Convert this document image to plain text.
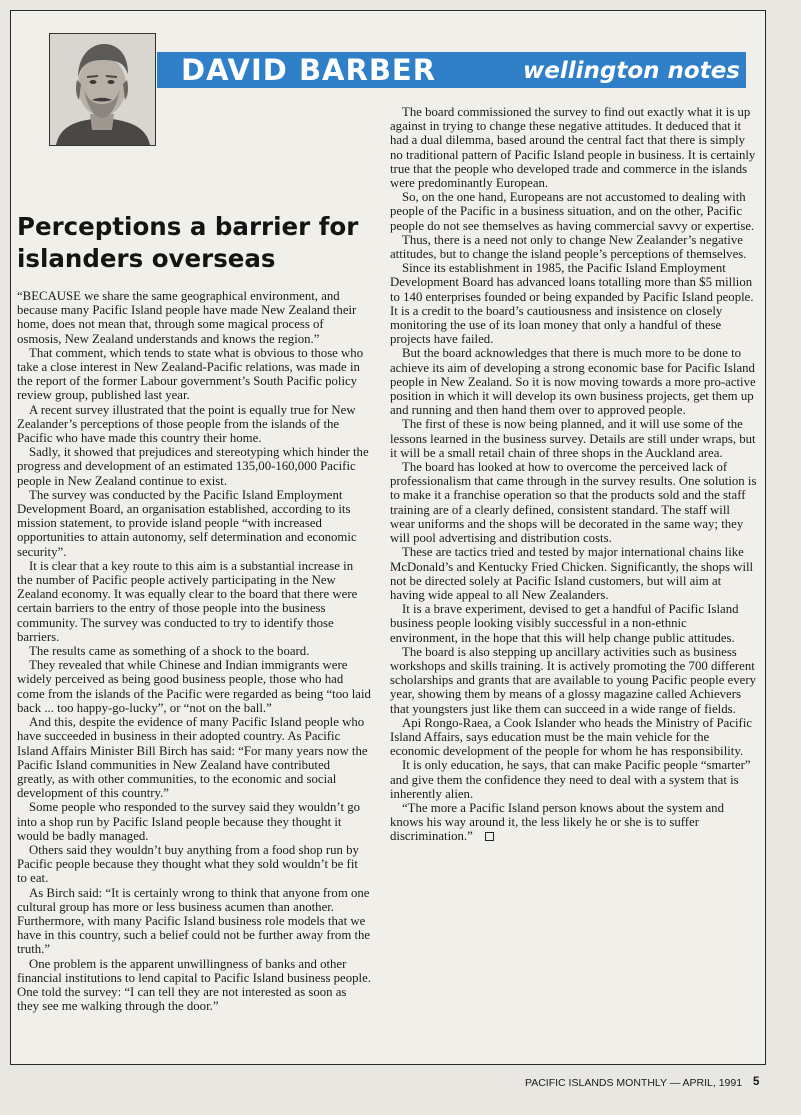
DAVID BARBER	wellington notes
Perceptions a barrier for islanders overseas

“BECAUSE we share the same geographical environment, and because many Pacific Island people have made New Zealand their home, does not mean that, through some magical process of osmosis, New Zealand understands and knows the region.”

That comment, which tends to state what is obvious to those who take a close interest in New Zealand-Pacific relations, was made in the report of the former Labour government’s South Pacific policy review group, published last year.

A recent survey illustrated that the point is equally true for New Zealander’s perceptions of those people from the islands of the Pacific who have made this country their home.

Sadly, it showed that prejudices and stereotyping which hinder the progress and development of an estimated 135,00-160,000 Pacific people in New Zealand continue to exist.

The survey was conducted by the Pacific Island Employment Development Board, an organisation established, according to its mission statement, to provide island people “with increased opportunities to attain autonomy, self determination and economic security”.

It is clear that a key route to this aim is a substantial increase in the number of Pacific people actively participating in the New Zealand economy. It was equally clear to the board that there were certain barriers to the entry of those people into the business community. The survey was conducted to try to identify those barriers.

The results came as something of a shock to the board.

They revealed that while Chinese and Indian immigrants were widely perceived as being good business people, those who had come from the islands of the Pacific were regarded as being “too laid back ... too happy-go-lucky”, or “not on the ball.”

And this, despite the evidence of many Pacific Island people who have succeeded in business in their adopted country. As Pacific Island Affairs Minister Bill Birch has said: “For many years now the Pacific Island communities in New Zealand have contributed greatly, as with other communities, to the economic and social development of this country.”

Some people who responded to the survey said they wouldn’t go into a shop run by Pacific Island people because they thought it would be badly managed.

Others said they wouldn’t buy anything from a food shop run by Pacific people because they thought what they sold wouldn’t be fit to eat.

As Birch said: “It is certainly wrong to think that anyone from one cultural group has more or less business acumen than another. Furthermore, with many Pacific Island business role models that we have in this country, such a belief could not be further away from the truth.”

One problem is the apparent unwillingness of banks and other financial institutions to lend capital to Pacific Island business people. One told the survey: “I can tell they are not interested as soon as they see me walking through the door.”

The board commissioned the survey to find out exactly what it is up against in trying to change these negative attitudes. It deduced that it had a dual dilemma, based around the central fact that there is simply no traditional pattern of Pacific Island people in business. It is certainly true that the people who developed trade and commerce in the islands were predominantly European.

So, on the one hand, Europeans are not accustomed to dealing with people of the Pacific in a business situation, and on the other, Pacific people do not see themselves as having commercial savvy or expertise.

Thus, there is a need not only to change New Zealander’s negative attitudes, but to change the island people’s perceptions of themselves.

Since its establishment in 1985, the Pacific Island Employment Development Board has advanced loans totalling more than $5 million to 140 enterprises founded or being expanded by Pacific Island people. It is a credit to the board’s cautiousness and insistence on closely monitoring the use of its loan money that only a handful of these projects have failed.

But the board acknowledges that there is much more to be done to achieve its aim of developing a strong economic base for Pacific Island people in New Zealand. So it is now moving towards a more pro-active position in which it will develop its own business projects, get them up and running and then hand them over to approved people.

The first of these is now being planned, and it will use some of the lessons learned in the business survey. Details are still under wraps, but it will be a small retail chain of three shops in the Auckland area.

The board has looked at how to overcome the perceived lack of professionalism that came through in the survey results. One solution is to make it a franchise operation so that the products sold and the staff training are of a clearly defined, consistent standard. The staff will wear uniforms and the shops will be decorated in the same way; they will pool advertising and distribution costs.

These are tactics tried and tested by major international chains like McDonald’s and Kentucky Fried Chicken. Significantly, the shops will not be directed solely at Pacific Island customers, but will aim at having wide appeal to all New Zealanders.

It is a brave experiment, devised to get a handful of Pacific Island business people looking visibly successful in a non-ethnic environment, in the hope that this will help change public attitudes.

The board is also stepping up ancillary activities such as business workshops and skills training. It is actively promoting the 700 different scholarships and grants that are available to young Pacific people every year, showing them by means of a glossy magazine called Achievers that youngsters just like them can succeed in a wide range of fields.

Api Rongo-Raea, a Cook Islander who heads the Ministry of Pacific Island Affairs, says education must be the main vehicle for the economic development of the people for whom he has responsibility.

It is only education, he says, that can make Pacific people “smarter” and give them the confidence they need to deal with a system that is inherently alien.

“The more a Pacific Island person knows about the system and knows his way around it, the less likely he or she is to suffer discrimination.”

PACIFIC ISLANDS MONTHLY — APRIL, 1991 5
